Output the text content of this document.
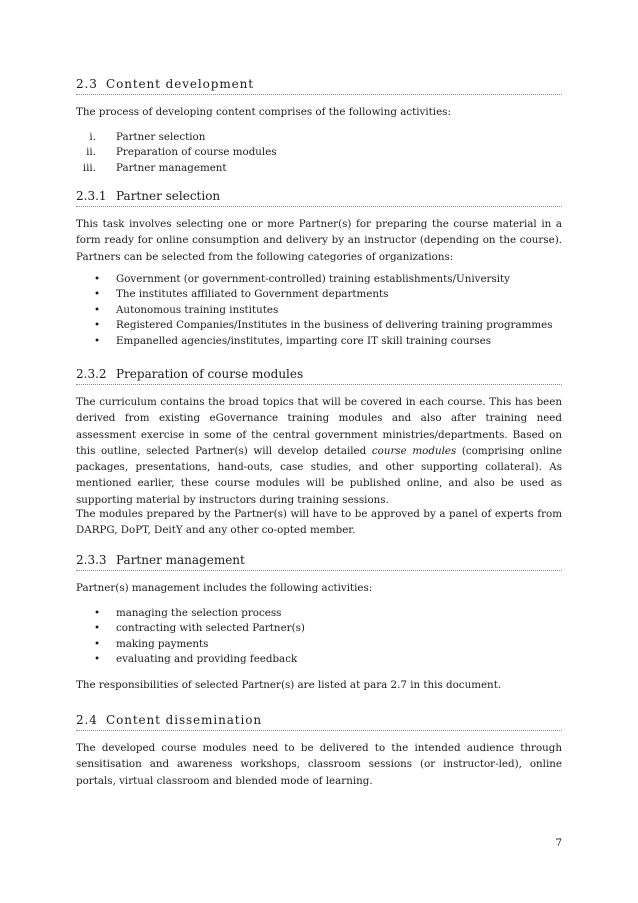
2.3 Content development

The process of developing content comprises of the following activities:

i. Partner selection
ii. Preparation of course modules
iii. Partner management
2.3.1 Partner selection

This task involves selecting one or more Partner(s) for preparing the course material in a form ready for online consumption and delivery by an instructor (depending on the course). Partners can be selected from the following categories of organizations:

• Government (or government-controlled) training establishments/University
• The institutes affiliated to Government departments
• Autonomous training institutes
• Registered Companies/Institutes in the business of delivering training programmes
• Empanelled agencies/institutes, imparting core IT skill training courses
2.3.2 Preparation of course modules

The curriculum contains the broad topics that will be covered in each course. This has been derived from existing eGovernance training modules and also after training need assessment exercise in some of the central government ministries/departments. Based on this outline, selected Partner(s) will develop detailed course modules (comprising online packages, presentations, hand-outs, case studies, and other supporting collateral). As mentioned earlier, these course modules will be published online, and also be used as supporting material by instructors during training sessions.

The modules prepared by the Partner(s) will have to be approved by a panel of experts from DARPG, DoPT, DeitY and any other co-opted member.

2.3.3 Partner management

Partner(s) management includes the following activities:

• managing the selection process
• contracting with selected Partner(s)
• making payments
• evaluating and providing feedback

The responsibilities of selected Partner(s) are listed at para 2.7 in this document.

2.4 Content dissemination

The developed course modules need to be delivered to the intended audience through sensitisation and awareness workshops, classroom sessions (or instructor-led), online portals, virtual classroom and blended mode of learning.

7
